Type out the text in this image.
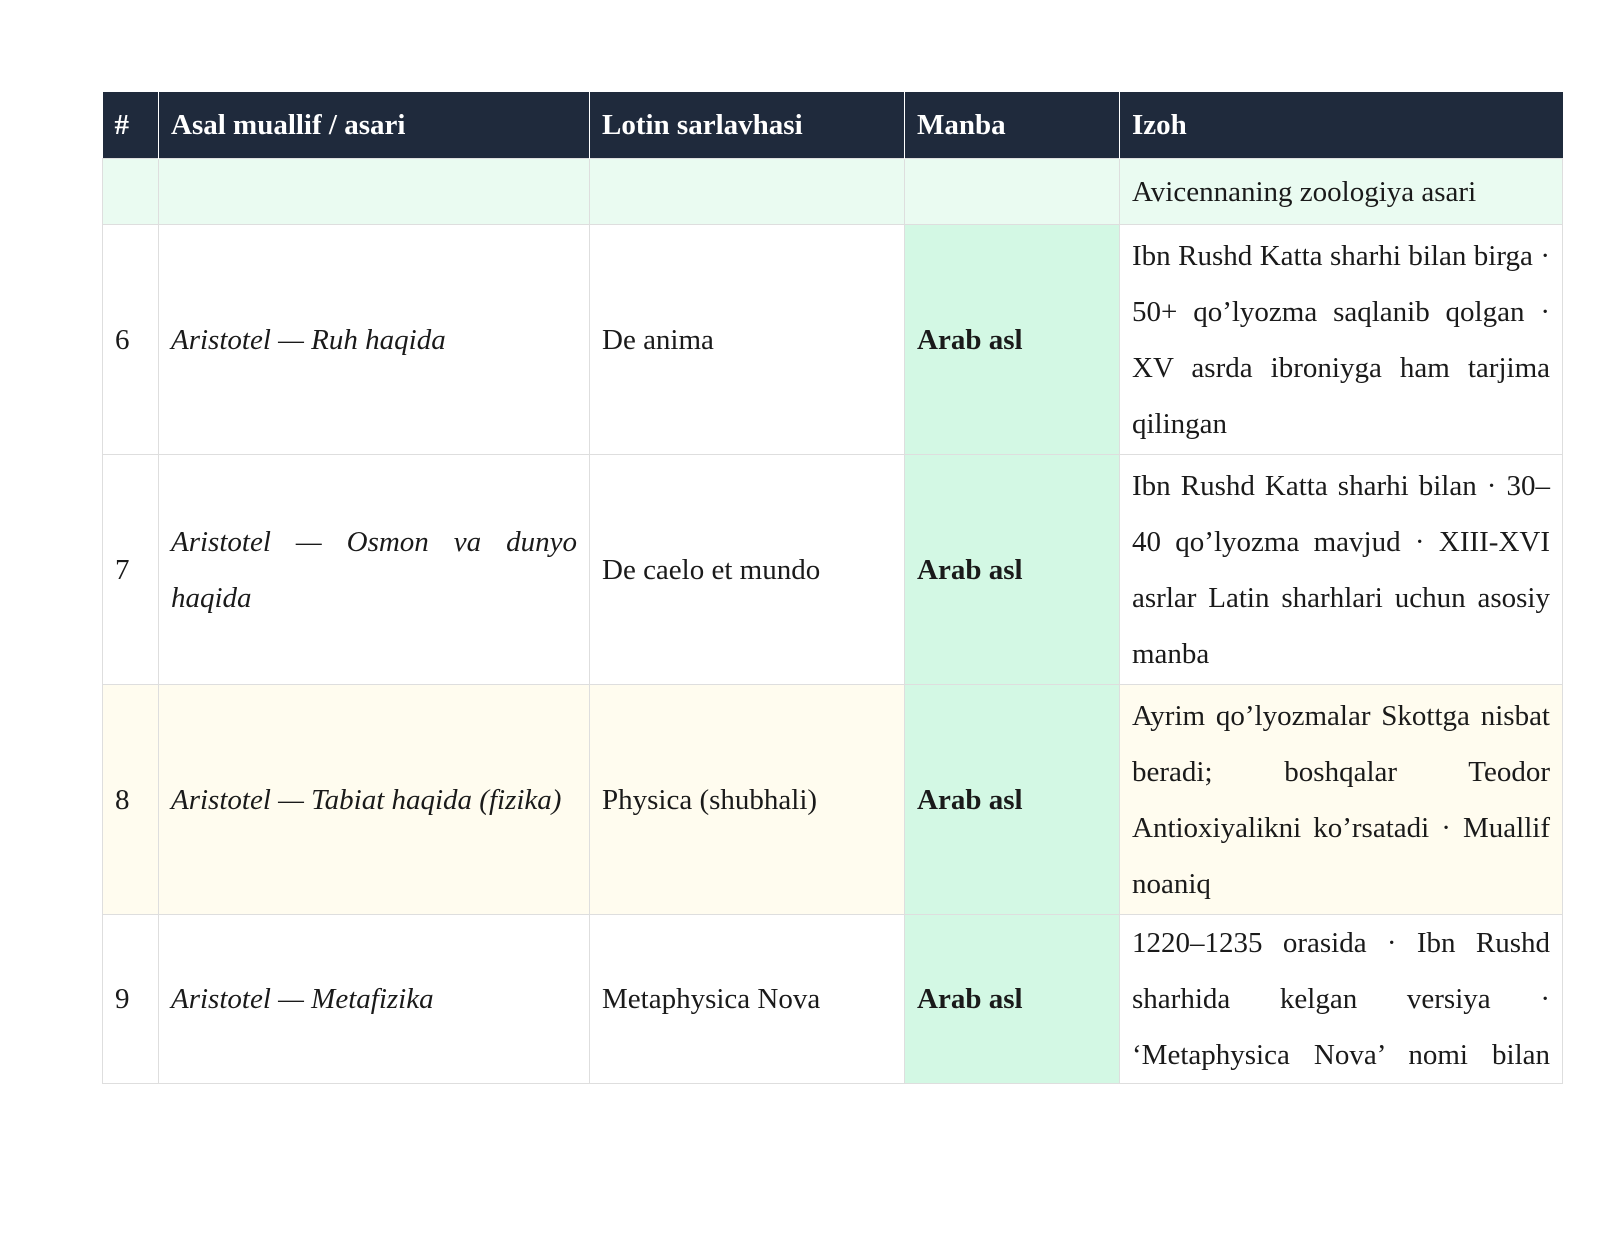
#	Asal muallif / asari	Lotin sarlavhasi	Manba	Izoh
				Avicennaning zoologiya asari
6	Aristotel — Ruh haqida	De anima	Arab asl	Ibn Rushd Katta sharhi bilan birga · 50+ qo’lyozma saqlanib qolgan · XV asrda ibroniyga ham tarjima qilingan
7	Aristotel — Osmon va dunyo haqida	De caelo et mundo	Arab asl	Ibn Rushd Katta sharhi bilan · 30–40 qo’lyozma mavjud · XIII-XVI asrlar Latin sharhlari uchun asosiy manba
8	Aristotel — Tabiat haqida (fizika)	Physica (shubhali)	Arab asl	Ayrim qo’lyozmalar Skottga nisbat beradi; boshqalar Teodor Antioxiyalikni ko’rsatadi · Muallif noaniq
9	Aristotel — Metafizika	Metaphysica Nova	Arab asl	1220–1235 orasida · Ibn Rushd sharhida kelgan versiya · ‘Metaphysica Nova’ nomi bilan
